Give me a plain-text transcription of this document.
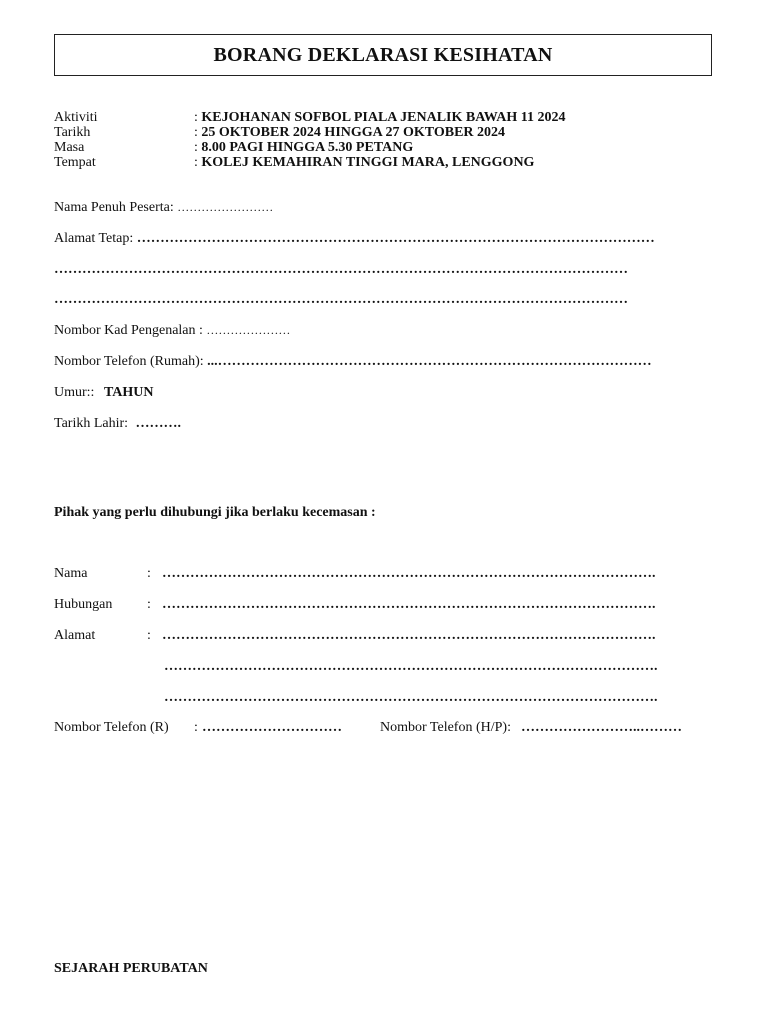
BORANG DEKLARASI KESIHATAN
Aktiviti	: KEJOHANAN SOFBOL PIALA JENALIK BAWAH 11 2024
Tarikh	: 25 OKTOBER 2024 HINGGA 27 OKTOBER 2024
Masa	: 8.00 PAGI HINGGA 5.30 PETANG
Tempat	: KOLEJ KEMAHIRAN TINGGI MARA, LENGGONG
Nama Penuh Peserta: ……………………
Alamat Tetap: …………………………………………………………………………………………………
……………………………………………………………………………………………………………
……………………………………………………………………………………………………………
Nombor Kad Pengenalan : …………………
Nombor Telefon (Rumah): ...…………………………………………………………………………………
Umur:: TAHUN
Tarikh Lahir: ……….
Pihak yang perlu dihubungi jika berlaku kecemasan :
Nama	: …………………………………………………………………………………………….
Hubungan : …………………………………………………………………………………………….
Alamat	: …………………………………………………………………………………………….
…………………………………………………………………………………………….
…………………………………………………………………………………………….
Nombor Telefon (R) : …………………………	Nombor Telefon (H/P): ……………………..………
SEJARAH PERUBATAN
